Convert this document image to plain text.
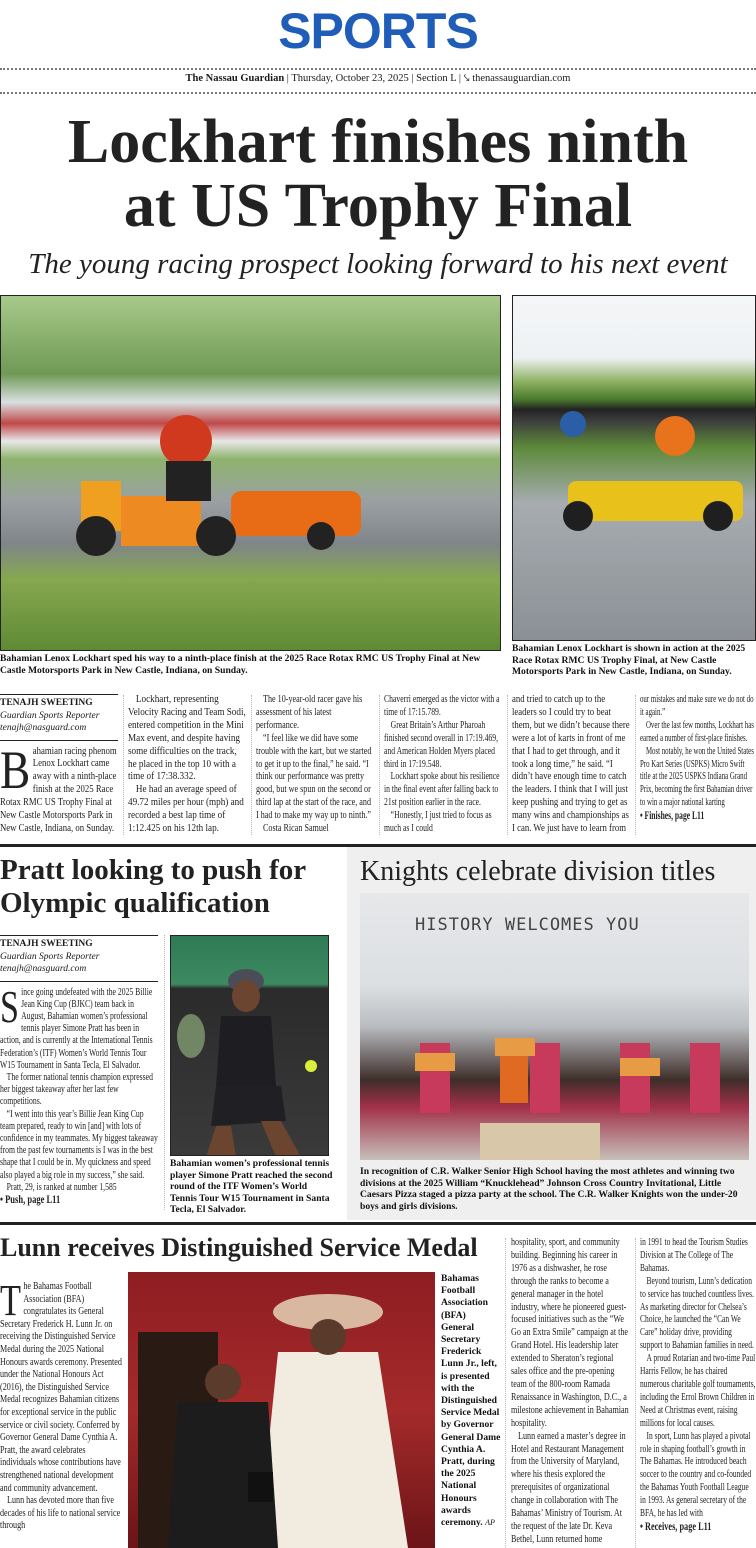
SPORTS
The Nassau Guardian | Thursday, October 23, 2025 | Section L | ⤥ thenassauguardian.com
Lockhart finishes ninth
at US Trophy Final
The young racing prospect looking forward to his next event
Bahamian Lenox Lockhart sped his way to a ninth-place finish at the 2025 Race Rotax RMC US Trophy Final at New Castle Motorsports Park in New Castle, Indiana, on Sunday.
Bahamian Lenox Lockhart is shown in action at the 2025 Race Rotax RMC US Trophy Final, at New Castle Motorsports Park in New Castle, Indiana, on Sunday.
TENAJH SWEETING
Guardian Sports Reporter
tenajh@nasguard.com
B ahamian racing phenom Lenox Lockhart came away with a ninth-place finish at the 2025 Race Rotax RMC US Trophy Final at New Castle Motorsports Park in New Castle, Indiana, on Sunday.

Lockhart, representing Velocity Racing and Team Sodi, entered competition in the Mini Max event, and despite having some difficulties on the track, he placed in the top 10 with a time of 17:38.332.

He had an average speed of 49.72 miles per hour (mph) and recorded a best lap time of 1:12.425 on his 12th lap.

The 10-year-old racer gave his assessment of his latest performance.

“I feel like we did have some trouble with the kart, but we started to get it up to the final,” he said. “I think our performance was pretty good, but we spun on the second or third lap at the start of the race, and I had to make my way up to ninth.”

Costa Rican Samuel

Chaverri emerged as the victor with a time of 17:15.789.

Great Britain’s Arthur Pharoah finished second overall in 17:19.469, and American Holden Myers placed third in 17:19.548.

Lockhart spoke about his resilience in the final event after falling back to 21st position earlier in the race.

“Honestly, I just tried to focus as much as I could

and tried to catch up to the leaders so I could try to beat them, but we didn’t because there were a lot of karts in front of me that I had to get through, and it took a long time,” he said. “I didn’t have enough time to catch the leaders. I think that I will just keep pushing and trying to get as many wins and championships as I can. We just have to learn from

our mistakes and make sure we do not do it again.”

Over the last few months, Lockhart has earned a number of first-place finishes.

Most notably, he won the United States Pro Kart Series (USPKS) Micro Swift title at the 2025 USPKS Indiana Grand Prix, becoming the first Bahamian driver to win a major national karting

• Finishes, page L11
Pratt looking to push for Olympic qualification
TENAJH SWEETING
Guardian Sports Reporter
tenajh@nasguard.com
S ince going undefeated with the 2025 Billie Jean King Cup (BJKC) team back in August, Bahamian women’s professional tennis player Simone Pratt has been in action, and is currently at the International Tennis Federation’s (ITF) Women’s World Tennis Tour W15 Tournament in Santa Tecla, El Salvador.

The former national tennis champion expressed her biggest takeaway after her last few competitions.

“I went into this year’s Billie Jean King Cup team prepared, ready to win [and] with lots of confidence in my teammates. My biggest takeaway from the past few tournaments is I was in the best shape that I could be in. My quickness and speed also played a big role in my success,” she said.

Pratt, 29, is ranked at number 1,585

• Push, page L11
Bahamian women’s professional tennis player Simone Pratt reached the second round of the ITF Women’s World Tennis Tour W15 Tournament in Santa Tecla, El Salvador.
Knights celebrate division titles
HISTORY WELCOMES YOU
In recognition of C.R. Walker Senior High School having the most athletes and winning two divisions at the 2025 William “Knucklehead” Johnson Cross Country Invitational, Little Caesars Pizza staged a pizza party at the school. The C.R. Walker Knights won the under-20 boys and girls divisions.
Lunn receives Distinguished Service Medal
T he Bahamas Football Association (BFA) congratulates its General Secretary Frederick H. Lunn Jr. on receiving the Distinguished Service Medal during the 2025 National Honours awards ceremony. Presented under the National Honours Act (2016), the Distinguished Service Medal recognizes Bahamian citizens for exceptional service in the public service or civil society. Conferred by Governor General Dame Cynthia A. Pratt, the award celebrates individuals whose contributions have strengthened national development and community advancement.

Lunn has devoted more than five decades of his life to national service through

Bahamas Football Association (BFA) General Secretary Frederick Lunn Jr., left, is presented with the Distinguished Service Medal by Governor General Dame Cynthia A. Pratt, during the 2025 National Honours awards ceremony. AP

hospitality, sport, and community building. Beginning his career in 1976 as a dishwasher, he rose through the ranks to become a general manager in the hotel industry, where he pioneered guest-focused initiatives such as the “We Go an Extra Smile” campaign at the Grand Hotel. His leadership later extended to Sheraton’s regional sales office and the pre-opening team of the 800-room Ramada Renaissance in Washington, D.C., a milestone achievement in Bahamian hospitality.

Lunn earned a master’s degree in Hotel and Restaurant Management from the University of Maryland, where his thesis explored the prerequisites of organizational change in collaboration with The Bahamas’ Ministry of Tourism. At the request of the late Dr. Keva Bethel, Lunn returned home

in 1991 to head the Tourism Studies Division at The College of The Bahamas.

Beyond tourism, Lunn’s dedication to service has touched countless lives. As marketing director for Chelsea’s Choice, he launched the “Can We Care” holiday drive, providing support to Bahamian families in need.

A proud Rotarian and two-time Paul Harris Fellow, he has chaired numerous charitable golf tournaments, including the Errol Brown Children in Need at Christmas event, raising millions for local causes.

In sport, Lunn has played a pivotal role in shaping football’s growth in The Bahamas. He introduced beach soccer to the country and co-founded the Bahamas Youth Football League in 1993. As general secretary of the BFA, he has led with

• Receives, page L11
